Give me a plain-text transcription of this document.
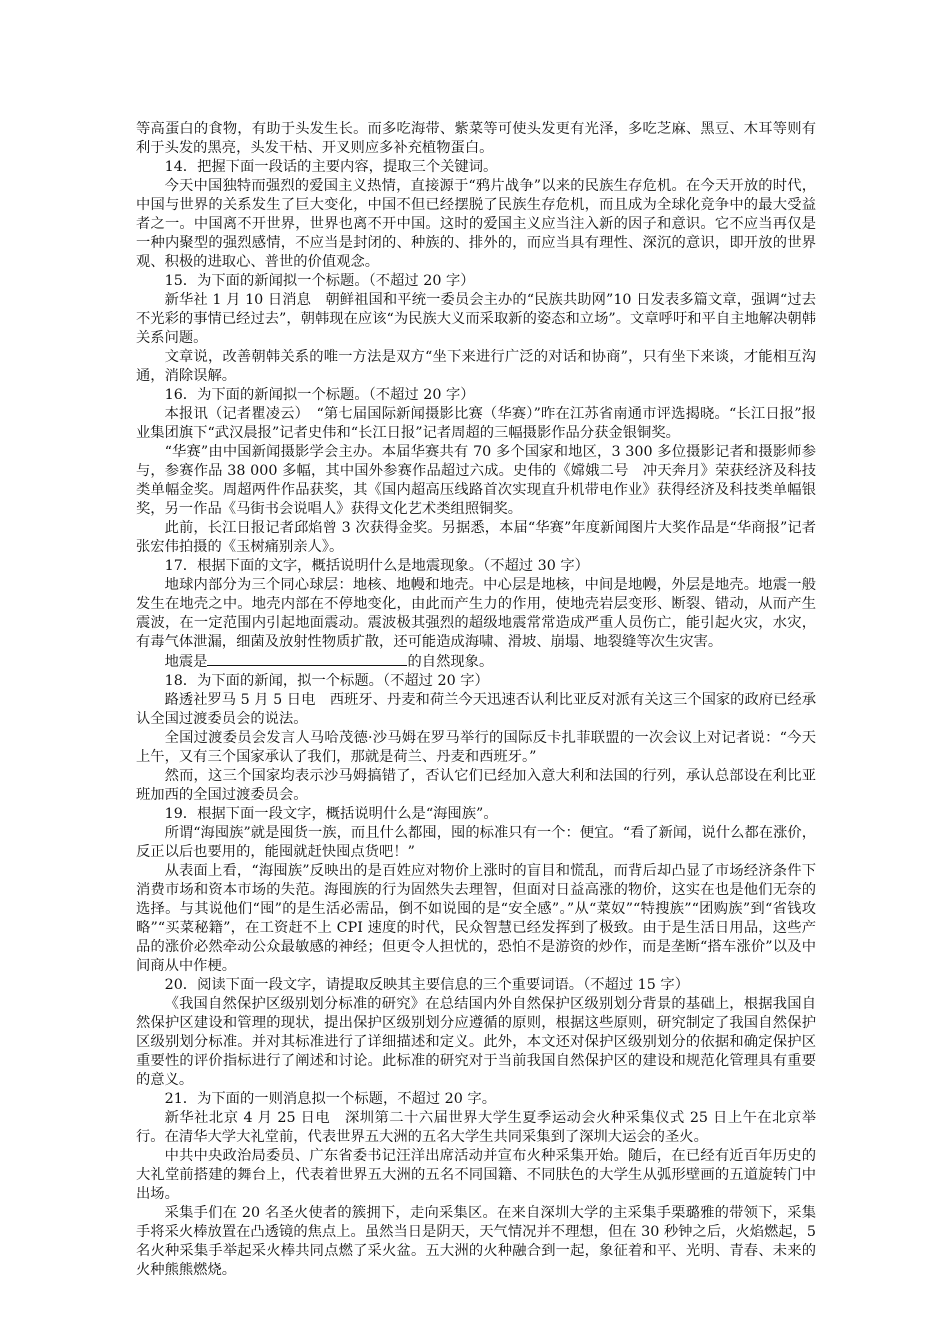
等高蛋白的食物，有助于头发生长。而多吃海带、紫菜等可使头发更有光泽，多吃芝麻、黑豆、木耳等则有利于头发的黑亮，头发干枯、开叉则应多补充植物蛋白。

14．把握下面一段话的主要内容，提取三个关键词。

今天中国独特而强烈的爱国主义热情，直接源于“鸦片战争”以来的民族生存危机。在今天开放的时代，中国与世界的关系发生了巨大变化，中国不但已经摆脱了民族生存危机，而且成为全球化竞争中的最大受益者之一。中国离不开世界，世界也离不开中国。这时的爱国主义应当注入新的因子和意识。它不应当再仅是一种内聚型的强烈感情，不应当是封闭的、种族的、排外的，而应当具有理性、深沉的意识，即开放的世界观、积极的进取心、普世的价值观念。

15．为下面的新闻拟一个标题。（不超过 20 字）

新华社 1 月 10 日消息　朝鲜祖国和平统一委员会主办的“民族共助网”10 日发表多篇文章，强调“过去不光彩的事情已经过去”，朝韩现在应该“为民族大义而采取新的姿态和立场”。文章呼吁和平自主地解决朝韩关系问题。

文章说，改善朝韩关系的唯一方法是双方“坐下来进行广泛的对话和协商”，只有坐下来谈，才能相互沟通，消除误解。

16．为下面的新闻拟一个标题。（不超过 20 字）

本报讯（记者瞿凌云）　“第七届国际新闻摄影比赛（华赛）”昨在江苏省南通市评选揭晓。“长江日报”报业集团旗下“武汉晨报”记者史伟和“长江日报”记者周超的三幅摄影作品分获金银铜奖。

“华赛”由中国新闻摄影学会主办。本届华赛共有 70 多个国家和地区，3 300 多位摄影记者和摄影师参与，参赛作品 38 000 多幅，其中国外参赛作品超过六成。史伟的《嫦娥二号　冲天奔月》荣获经济及科技类单幅金奖。周超两件作品获奖，其《国内超高压线路首次实现直升机带电作业》获得经济及科技类单幅银奖，另一作品《马街书会说唱人》获得文化艺术类组照铜奖。

此前，长江日报记者邱焰曾 3 次获得金奖。另据悉，本届“华赛”年度新闻图片大奖作品是“华商报”记者张宏伟拍摄的《玉树痛别亲人》。

17．根据下面的文字，概括说明什么是地震现象。（不超过 30 字）

地球内部分为三个同心球层：地核、地幔和地壳。中心层是地核，中间是地幔，外层是地壳。地震一般发生在地壳之中。地壳内部在不停地变化，由此而产生力的作用，使地壳岩层变形、断裂、错动，从而产生震波，在一定范围内引起地面震动。震波极其强烈的超级地震常常造成严重人员伤亡，能引起火灾，水灾，有毒气体泄漏，细菌及放射性物质扩散，还可能造成海啸、滑坡、崩塌、地裂缝等次生灾害。

地震是	的自然现象。

18．为下面的新闻，拟一个标题。（不超过 20 字）

路透社罗马 5 月 5 日电　西班牙、丹麦和荷兰今天迅速否认利比亚反对派有关这三个国家的政府已经承认全国过渡委员会的说法。

全国过渡委员会发言人马哈茂德·沙马姆在罗马举行的国际反卡扎菲联盟的一次会议上对记者说：“今天上午，又有三个国家承认了我们，那就是荷兰、丹麦和西班牙。”

然而，这三个国家均表示沙马姆搞错了，否认它们已经加入意大利和法国的行列，承认总部设在利比亚班加西的全国过渡委员会。

19．根据下面一段文字，概括说明什么是“海囤族”。

所谓“海囤族”就是囤货一族，而且什么都囤，囤的标准只有一个：便宜。“看了新闻，说什么都在涨价，反正以后也要用的，能囤就赶快囤点货吧！”

从表面上看，“海囤族”反映出的是百姓应对物价上涨时的盲目和慌乱，而背后却凸显了市场经济条件下消费市场和资本市场的失范。海囤族的行为固然失去理智，但面对日益高涨的物价，这实在也是他们无奈的选择。与其说他们“囤”的是生活必需品，倒不如说囤的是“安全感”。”从“菜奴”“特搜族”“团购族”到“省钱攻略”“买菜秘籍”，在工资赶不上 CPI 速度的时代，民众智慧已经发挥到了极致。由于是生活日用品，这些产品的涨价必然牵动公众最敏感的神经；但更令人担忧的，恐怕不是游资的炒作，而是垄断“搭车涨价”以及中间商从中作梗。

20．阅读下面一段文字，请提取反映其主要信息的三个重要词语。（不超过 15 字）

《我国自然保护区级别划分标准的研究》在总结国内外自然保护区级别划分背景的基础上，根据我国自然保护区建设和管理的现状，提出保护区级别划分应遵循的原则，根据这些原则，研究制定了我国自然保护区级别划分标准。并对其标准进行了详细描述和定义。此外，本文还对保护区级别划分的依据和确定保护区重要性的评价指标进行了阐述和讨论。此标准的研究对于当前我国自然保护区的建设和规范化管理具有重要的意义。

21．为下面的一则消息拟一个标题，不超过 20 字。

新华社北京 4 月 25 日电　深圳第二十六届世界大学生夏季运动会火种采集仪式 25 日上午在北京举行。在清华大学大礼堂前，代表世界五大洲的五名大学生共同采集到了深圳大运会的圣火。

中共中央政治局委员、广东省委书记汪洋出席活动并宣布火种采集开始。随后，在已经有近百年历史的大礼堂前搭建的舞台上，代表着世界五大洲的五名不同国籍、不同肤色的大学生从弧形壁画的五道旋转门中出场。

采集手们在 20 名圣火使者的簇拥下，走向采集区。在来自深圳大学的主采集手栗璐雅的带领下，采集手将采火棒放置在凸透镜的焦点上。虽然当日是阴天，天气情况并不理想，但在 30 秒钟之后，火焰燃起，5 名火种采集手举起采火棒共同点燃了采火盆。五大洲的火种融合到一起，象征着和平、光明、青春、未来的火种熊熊燃烧。
